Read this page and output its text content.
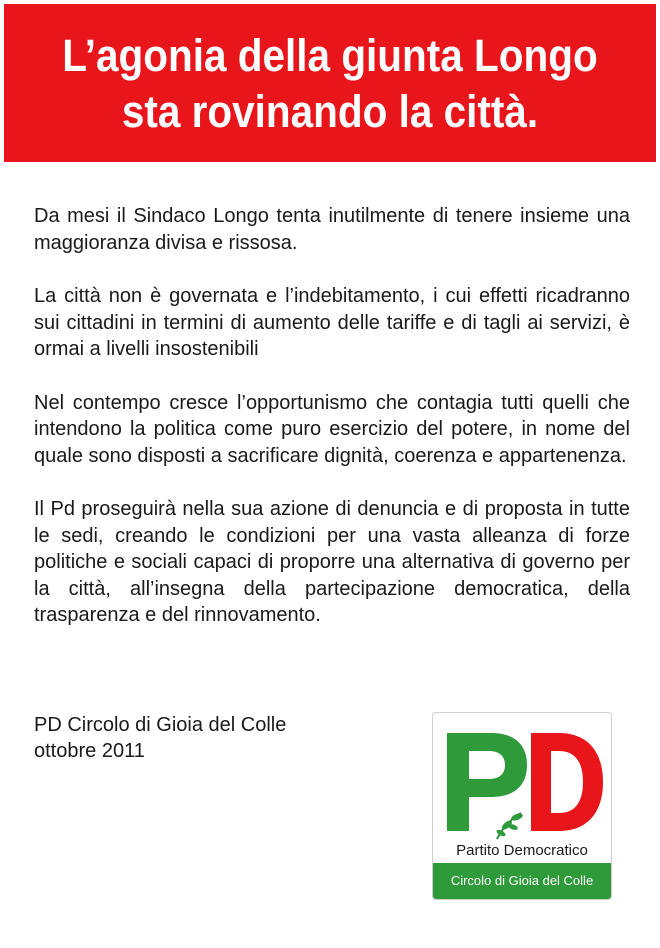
L’agonia della giunta Longo
sta rovinando la città.

Da mesi il Sindaco Longo tenta inutilmente di tenere insieme una maggioranza divisa e rissosa.

La città non è governata e l’indebitamento, i cui effetti ricadranno sui cittadini in termini di aumento delle tariffe e di tagli ai servizi, è ormai a livelli insostenibili

Nel contempo cresce l’opportunismo che contagia tutti quelli che intendono la politica come puro esercizio del potere, in nome del quale sono disposti a sacrificare dignità, coerenza e appartenenza.

Il Pd proseguirà nella sua azione di denuncia e di proposta in tutte le sedi, creando le condizioni per una vasta alleanza di forze politiche e sociali capaci di proporre una alternativa di governo per la città, all’insegna della partecipazione democratica, della trasparenza e del rinnovamento.

PD Circolo di Gioia del Colle
ottobre 2011
Partito Democratico
Circolo di Gioia del Colle
